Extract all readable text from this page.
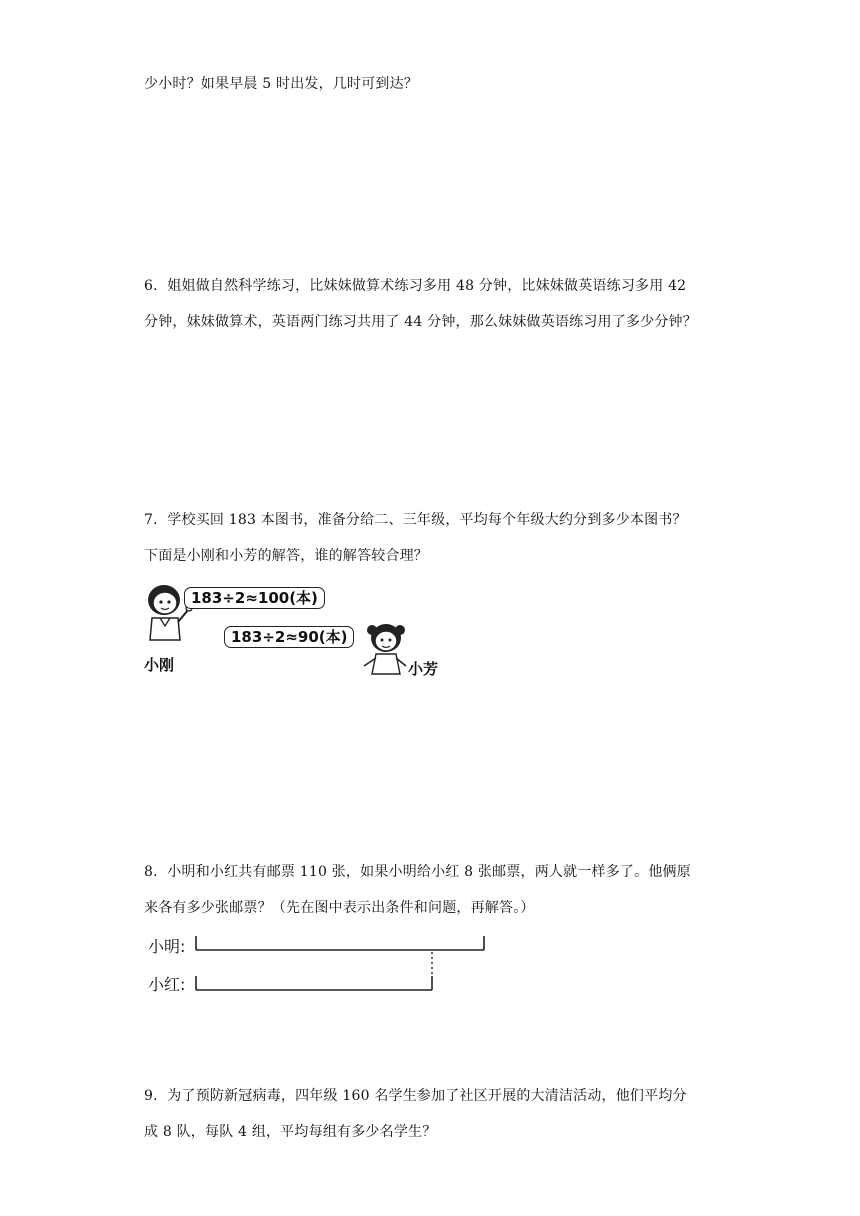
少小时？如果早晨 5 时出发，几时可到达？
6．姐姐做自然科学练习，比妹妹做算术练习多用 48 分钟，比妹妹做英语练习多用 42
分钟，妹妹做算术，英语两门练习共用了 44 分钟，那么妹妹做英语练习用了多少分钟？
7．学校买回 183 本图书，准备分给二、三年级，平均每个年级大约分到多少本图书？
下面是小刚和小芳的解答，谁的解答较合理？
183÷2≈100(本)
小刚
183÷2≈90(本)
小芳
8．小明和小红共有邮票 110 张，如果小明给小红 8 张邮票，两人就一样多了。他俩原
来各有多少张邮票？（先在图中表示出条件和问题，再解答。）
小明:
小红:
9．为了预防新冠病毒，四年级 160 名学生参加了社区开展的大清洁活动，他们平均分
成 8 队，每队 4 组，平均每组有多少名学生？
